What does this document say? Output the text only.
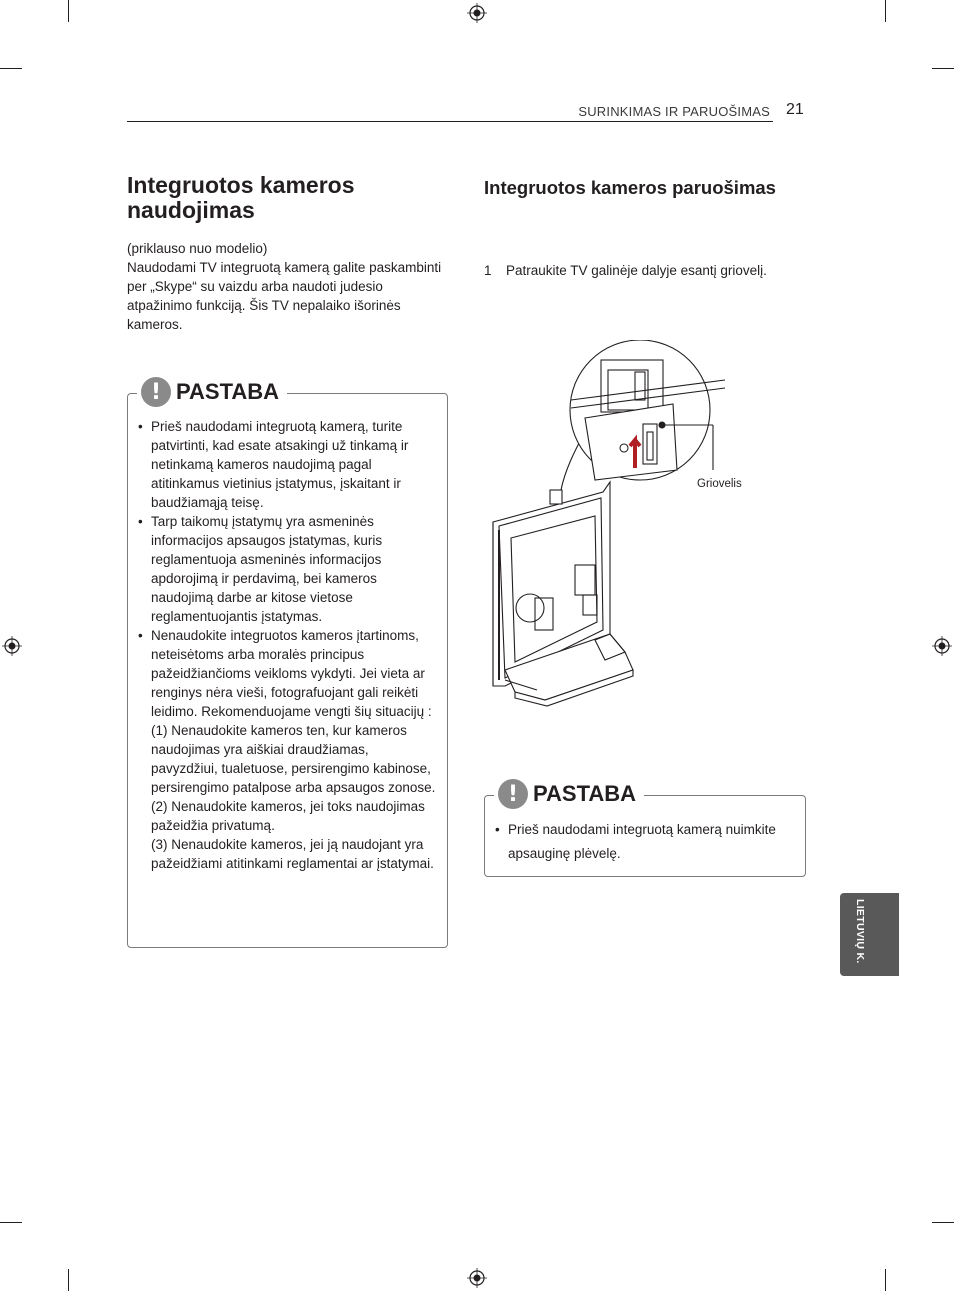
SURINKIMAS IR PARUOŠIMAS 21
Integruotos kameros naudojimas

(priklauso nuo modelio)

Naudodami TV integruotą kamerą galite paskambinti per „Skype“ su vaizdu arba naudoti judesio atpažinimo funkciją. Šis TV nepalaiko išorinės kameros.

• Prieš naudodami integruotą kamerą, turite patvirtinti, kad esate atsakingi už tinkamą ir netinkamą kameros naudojimą pagal atitinkamus vietinius įstatymus, įskaitant ir baudžiamąją teisę.
• Tarp taikomų įstatymų yra asmeninės informacijos apsaugos įstatymas, kuris reglamentuoja asmeninės informacijos apdorojimą ir perdavimą, bei kameros naudojimą darbe ar kitose vietose reglamentuojantis įstatymas.
• Nenaudokite integruotos kameros įtartinoms, neteisėtoms arba moralės principus pažeidžiančioms veikloms vykdyti. Jei vieta ar renginys nėra vieši, fotografuojant gali reikėti leidimo. Rekomenduojame vengti šių situacijų :
(1) Nenaudokite kameros ten, kur kameros naudojimas yra aiškiai draudžiamas, pavyzdžiui, tualetuose, persirengimo kabinose, persirengimo patalpose arba apsaugos zonose.
(2) Nenaudokite kameros, jei toks naudojimas pažeidžia privatumą.
(3) Nenaudokite kameros, jei ją naudojant yra pažeidžiami atitinkami reglamentai ar įstatymai.
! PASTABA
Integruotos kameros paruošimas
1 Patraukite TV galinėje dalyje esantį griovelį.
Griovelis
• Prieš naudodami integruotą kamerą nuimkite apsauginę plėvelę.
! PASTABA
LIETUVIŲ K.
